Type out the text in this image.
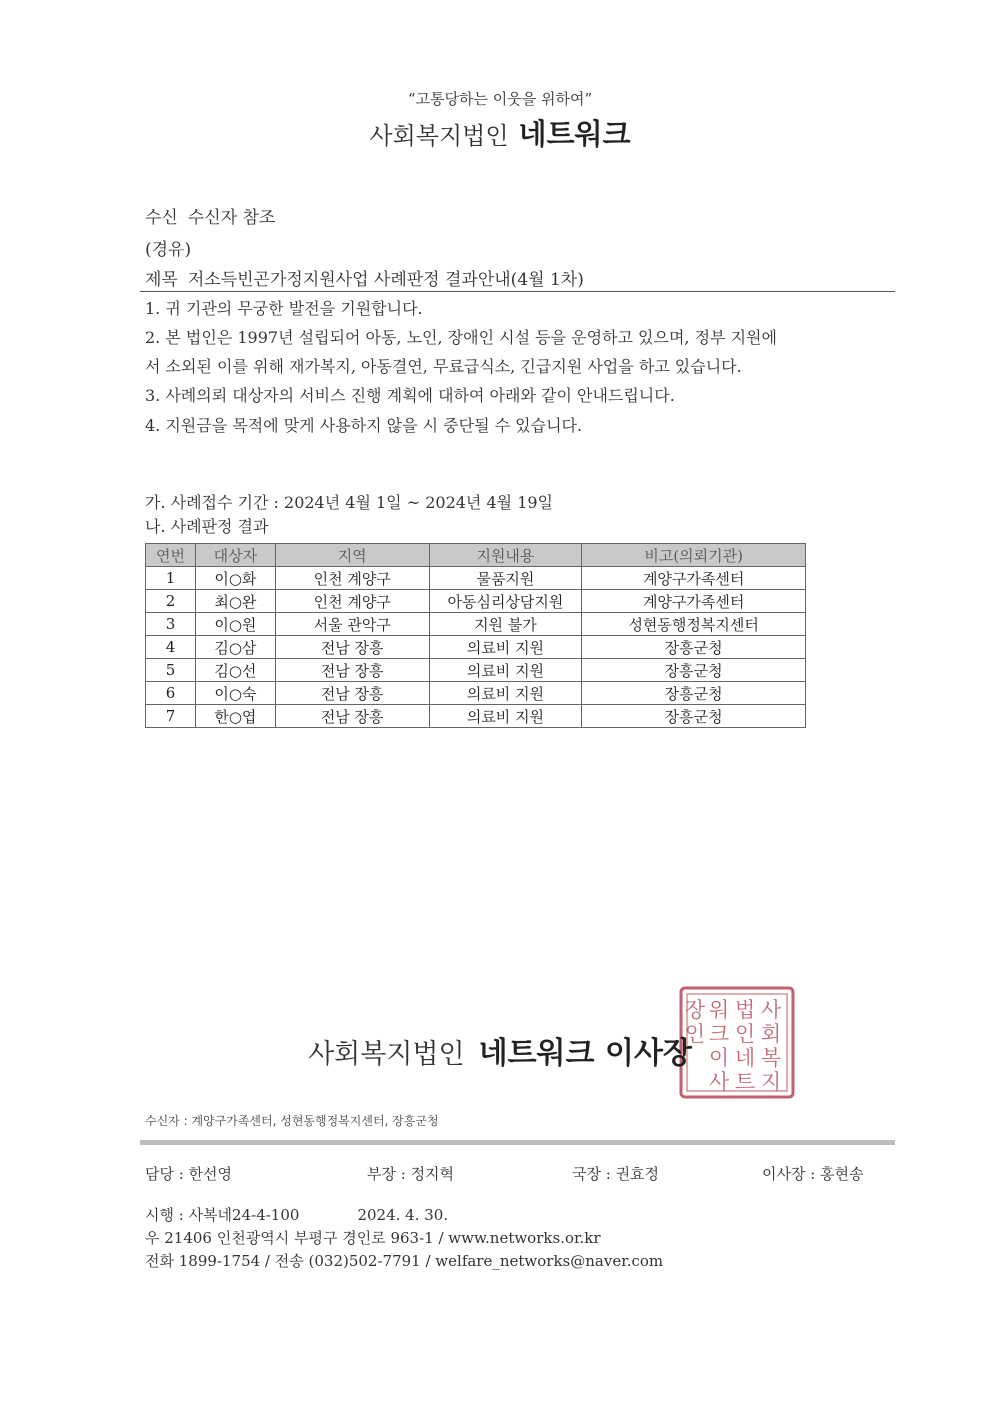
“고통당하는 이웃을 위하여”
사회복지법인 네트워크
수신 수신자 참조
(경유)
제목 저소득빈곤가정지원사업 사례판정 결과안내(4월 1차)
1. 귀 기관의 무궁한 발전을 기원합니다.
2. 본 법인은 1997년 설립되어 아동, 노인, 장애인 시설 등을 운영하고 있으며, 정부 지원에
서 소외된 이를 위해 재가복지, 아동결연, 무료급식소, 긴급지원 사업을 하고 있습니다.
3. 사례의뢰 대상자의 서비스 진행 계획에 대하여 아래와 같이 안내드립니다.
4. 지원금을 목적에 맞게 사용하지 않을 시 중단될 수 있습니다.
가. 사례접수 기간 : 2024년 4월 1일 ~ 2024년 4월 19일
나. 사례판정 결과
연번	대상자	지역	지원내용	비고(의뢰기관)
1	이○화	인천 계양구	물품지원	계양구가족센터
2	최○완	인천 계양구	아동심리상담지원	계양구가족센터
3	이○원	서울 관악구	지원 불가	성현동행정복지센터
4	김○삼	전남 장흥	의료비 지원	장흥군청
5	김○선	전남 장흥	의료비 지원	장흥군청
6	이○숙	전남 장흥	의료비 지원	장흥군청
7	한○엽	전남 장흥	의료비 지원	장흥군청
사
회
복
지
법
인
네
트
워
크
이
사
장
인
사회복지법인 네트워크 이사장
수신자 : 계양구가족센터, 성현동행정복지센터, 장흥군청
담당 : 한선영	부장 : 정지혁	국장 : 권효정	이사장 : 홍현송
시행 : 사복네24-4-100	2024. 4. 30.
우 21406 인천광역시 부평구 경인로 963-1 / www.networks.or.kr
전화 1899-1754 / 전송 (032)502-7791 / welfare_networks@naver.com
